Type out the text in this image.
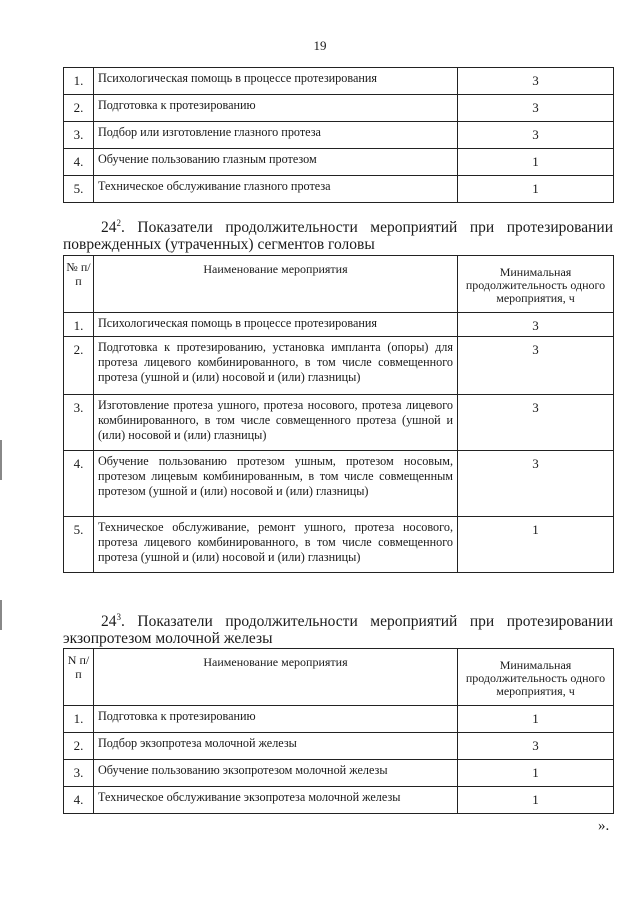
19
1.	Психологическая помощь в процессе протезирования	3
2.	Подготовка к протезированию	3
3.	Подбор или изготовление глазного протеза	3
4.	Обучение пользованию глазным протезом	1
5.	Техническое обслуживание глазного протеза	1

$24^2$. Показатели продолжительности мероприятий при протезировании поврежденных (утраченных) сегментов головы

№ п/п	Наименование мероприятия	Минимальная продолжительность одного мероприятия, ч
1.	Психологическая помощь в процессе протезирования	3
2.	Подготовка к протезированию, установка импланта (опоры) для протеза лицевого комбинированного, в том числе совмещенного протеза (ушной и (или) носовой и (или) глазницы)	3
3.	Изготовление протеза ушного, протеза носового, протеза лицевого комбинированного, в том числе совмещенного протеза (ушной и (или) носовой и (или) глазницы)	3
4.	Обучение пользованию протезом ушным, протезом носовым, протезом лицевым комбинированным, в том числе совмещенным протезом (ушной и (или) носовой и (или) глазницы)	3
5.	Техническое обслуживание, ремонт ушного, протеза носового, протеза лицевого комбинированного, в том числе совмещенного протеза (ушной и (или) носовой и (или) глазницы)	1

$24^3$. Показатели продолжительности мероприятий при протезировании экзопротезом молочной железы

N п/п	Наименование мероприятия	Минимальная продолжительность одного мероприятия, ч
1.	Подготовка к протезированию	1
2.	Подбор экзопротеза молочной железы	3
3.	Обучение пользованию экзопротезом молочной железы	1
4.	Техническое обслуживание экзопротеза молочной железы	1
».
